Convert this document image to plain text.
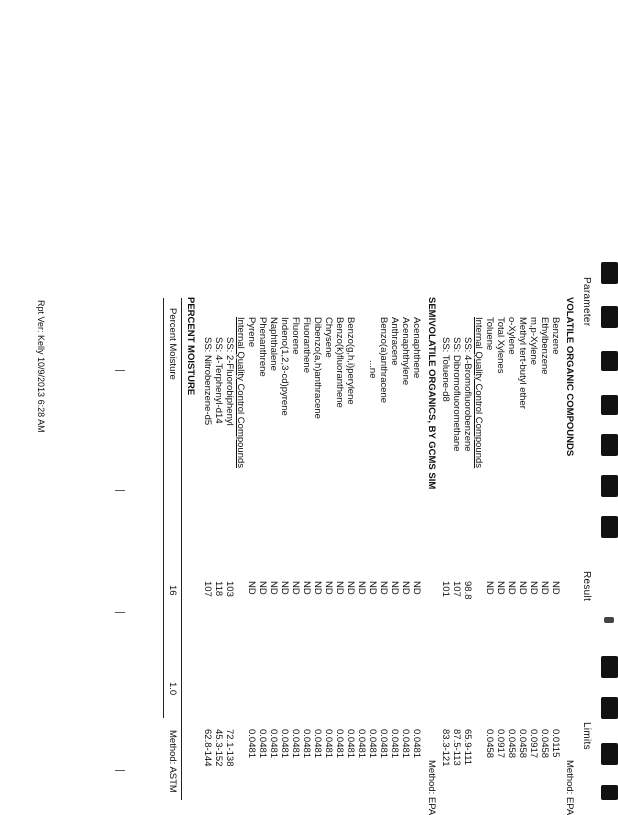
Parameter
Result
Limits
VOLATILE ORGANIC COMPOUNDS
Method: EPA
Benzene
ND
0.0115
Ethylbenzene
ND
0.0458
m,p-Xylene
ND
0.0917
Methyl tert-butyl ether
ND
0.0458
o-Xylene
ND
0.0458
Total Xylenes
ND
0.0917
Toluene
ND
0.0458
Internal Quality Control Compounds
SS: 4-Bromofluorobenzene
98.8
65.9-111
SS: Dibromofluoromethane
107
87.5-113
SS: Toluene-d8
101
83.3-121
SEMIVOLATILE ORGANICS, BY GCMS SIM
Method: EPA
Acenaphthene
ND
0.0481
Acenaphthylene
ND
0.0481
Anthracene
ND
0.0481
Benzo(a)anthracene
ND
0.0481
...ne
ND
0.0481
ND
0.0481
Benzo(g,h,i)perylene
ND
0.0481
Benzo(k)fluoranthene
ND
0.0481
Chrysene
ND
0.0481
Dibenzo(a,h)anthracene
ND
0.0481
Fluoranthene
ND
0.0481
Fluorene
ND
0.0481
Indeno(1,2,3-cd)pyrene
ND
0.0481
Naphthalene
ND
0.0481
Phenanthrene
ND
0.0481
Pyrene
ND
0.0481
Internal Quality Control Compounds
SS: 2-Fluorobiphenyl
103
72.1-138
SS: 4-Terphenyl-d14
118
45.3-152
SS: Nitrobenzene-d5
107
62.8-144
PERCENT MOISTURE
Method: ASTM
Percent Moisture
16
1.0
Rpt Ver: Kelly 10/9/2013 6:28 AM
